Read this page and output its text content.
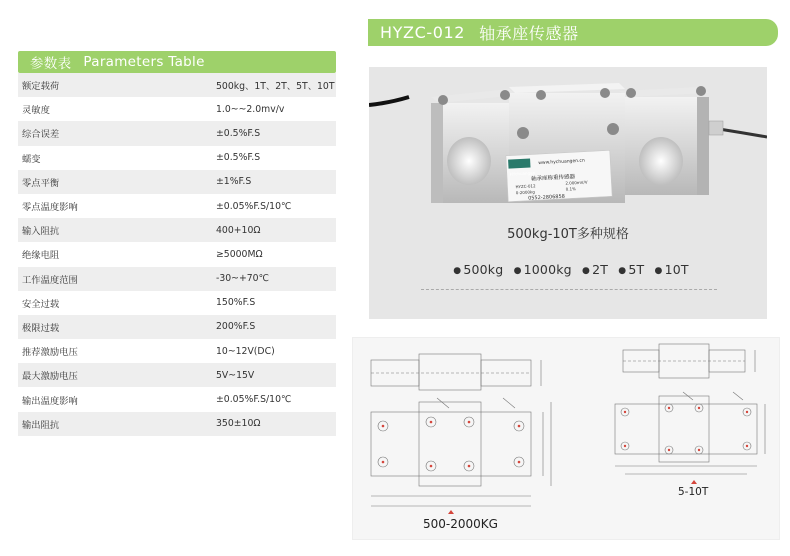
参数表 Parameters Table
额定载荷	500kg、1T、2T、5T、10T
灵敏度	1.0~~2.0mv/v
综合误差	±0.5%F.S
蠕变	±0.5%F.S
零点平衡	±1%F.S
零点温度影响	±0.05%F.S/10℃
输入阻抗	400+10Ω
绝缘电阻	≥5000MΩ
工作温度范围	-30~+70℃
安全过载	150%F.S
极限过载	200%F.S
推荐激励电压	10~12V(DC)
最大激励电压	5V~15V
输出温度影响	±0.05%F.S/10℃
输出阻抗	350±10Ω
HYZC-012 轴承座传感器
www.hychuangen.cn
HYchuangan
轴承座称重传感器
HYZC-012
2.000mV/V
0-2000kg
0.1%
0552-2806858
500kg-10T多种规格
● 500kg ● 1000kg ● 2T ● 5T ● 10T
500-2000KG
5-10T
